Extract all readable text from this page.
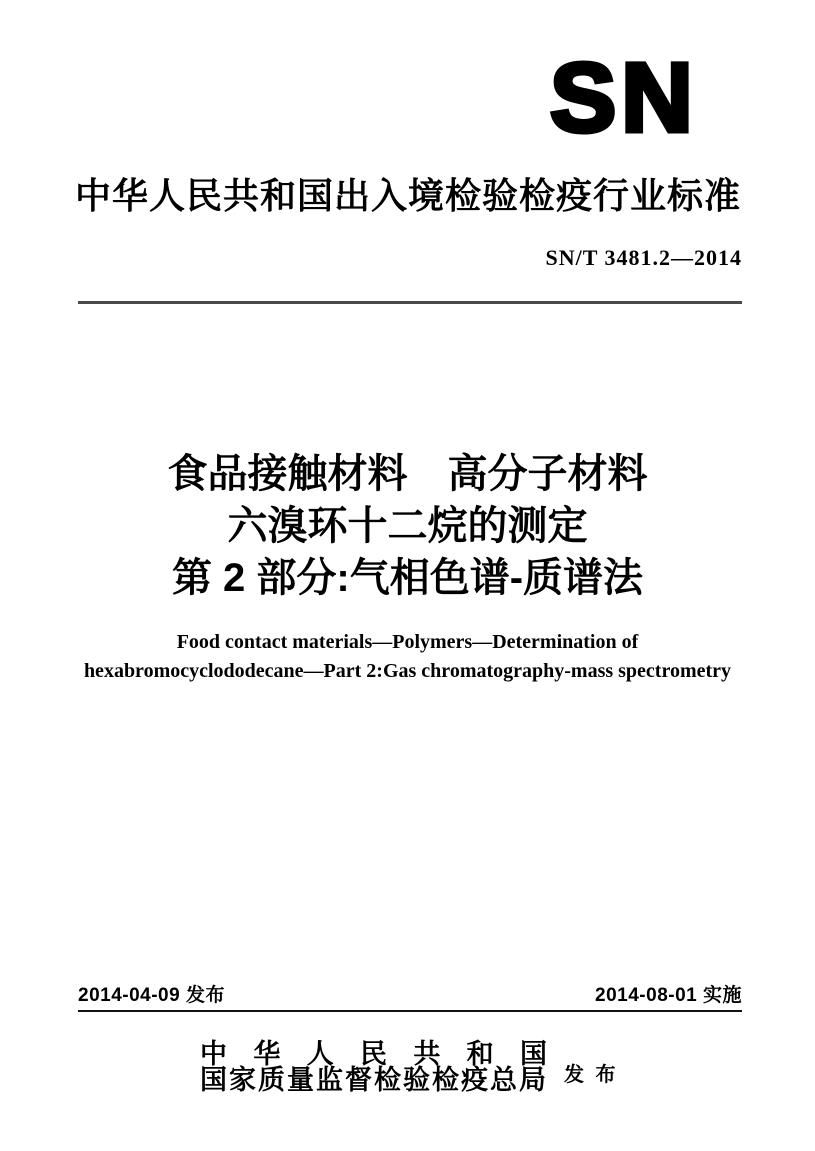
SN
中华人民共和国出入境检验检疫行业标准
SN/T 3481.2—2014
食品接触材料　高分子材料
六溴环十二烷的测定
第 2 部分:气相色谱-质谱法
Food contact materials—Polymers—Determination of
hexabromocyclododecane—Part 2:Gas chromatography-mass spectrometry
2014-04-09 发布	2014-08-01 实施
中华人民共和国
国家质量监督检验检疫总局 发 布
